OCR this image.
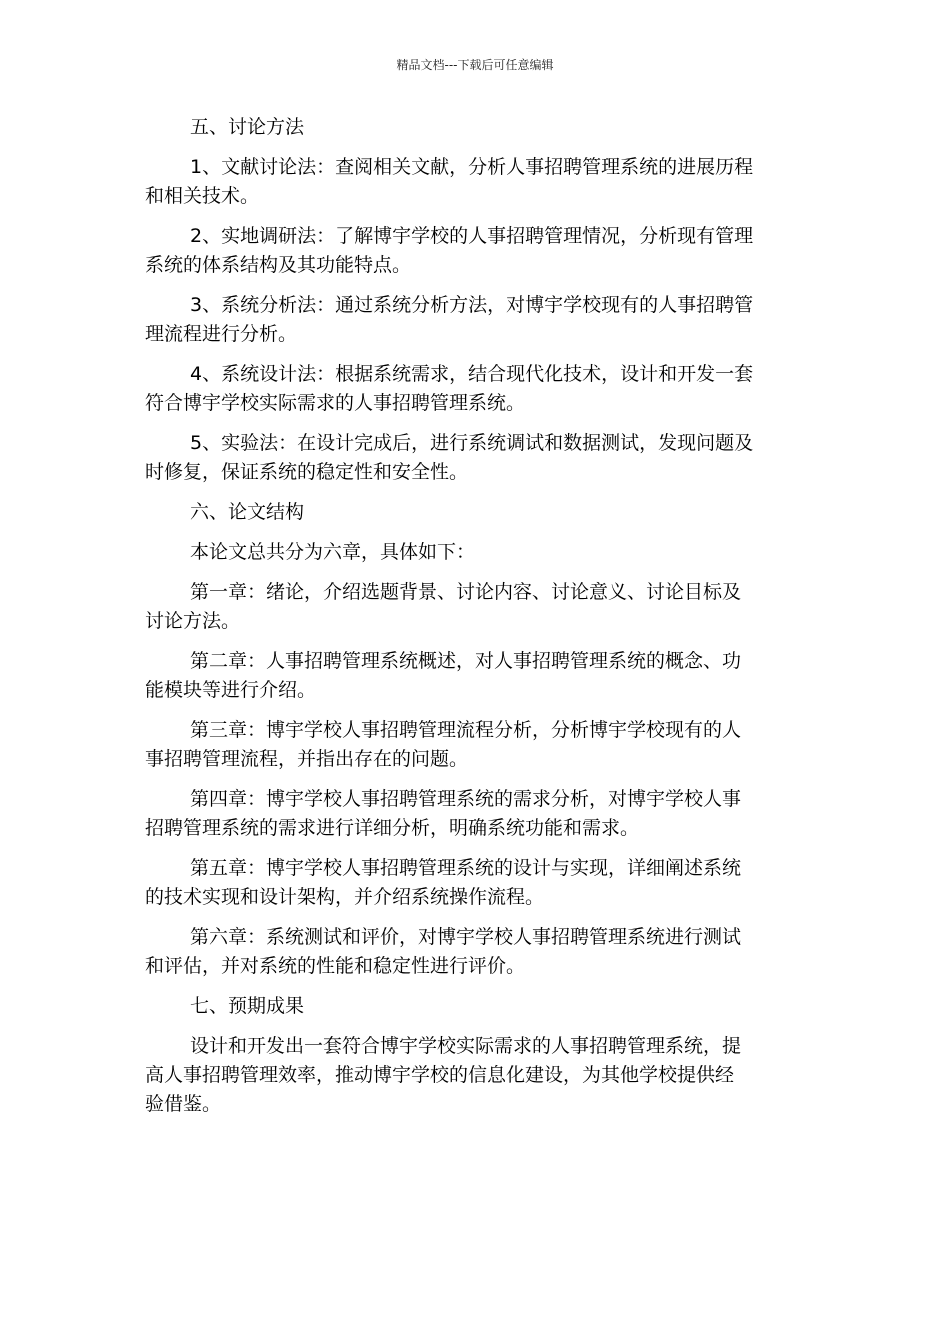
精品文档---下载后可任意编辑

五、讨论方法

1、文献讨论法：查阅相关文献，分析人事招聘管理系统的进展历程
和相关技术。

2、实地调研法：了解博宇学校的人事招聘管理情况，分析现有管理
系统的体系结构及其功能特点。

3、系统分析法：通过系统分析方法，对博宇学校现有的人事招聘管
理流程进行分析。

4、系统设计法：根据系统需求，结合现代化技术，设计和开发一套
符合博宇学校实际需求的人事招聘管理系统。

5、实验法：在设计完成后，进行系统调试和数据测试，发现问题及
时修复，保证系统的稳定性和安全性。

六、论文结构

本论文总共分为六章，具体如下：

第一章：绪论，介绍选题背景、讨论内容、讨论意义、讨论目标及
讨论方法。

第二章：人事招聘管理系统概述，对人事招聘管理系统的概念、功
能模块等进行介绍。

第三章：博宇学校人事招聘管理流程分析，分析博宇学校现有的人
事招聘管理流程，并指出存在的问题。

第四章：博宇学校人事招聘管理系统的需求分析，对博宇学校人事
招聘管理系统的需求进行详细分析，明确系统功能和需求。

第五章：博宇学校人事招聘管理系统的设计与实现，详细阐述系统
的技术实现和设计架构，并介绍系统操作流程。

第六章：系统测试和评价，对博宇学校人事招聘管理系统进行测试
和评估，并对系统的性能和稳定性进行评价。

七、预期成果

设计和开发出一套符合博宇学校实际需求的人事招聘管理系统，提
高人事招聘管理效率，推动博宇学校的信息化建设，为其他学校提供经
验借鉴。
